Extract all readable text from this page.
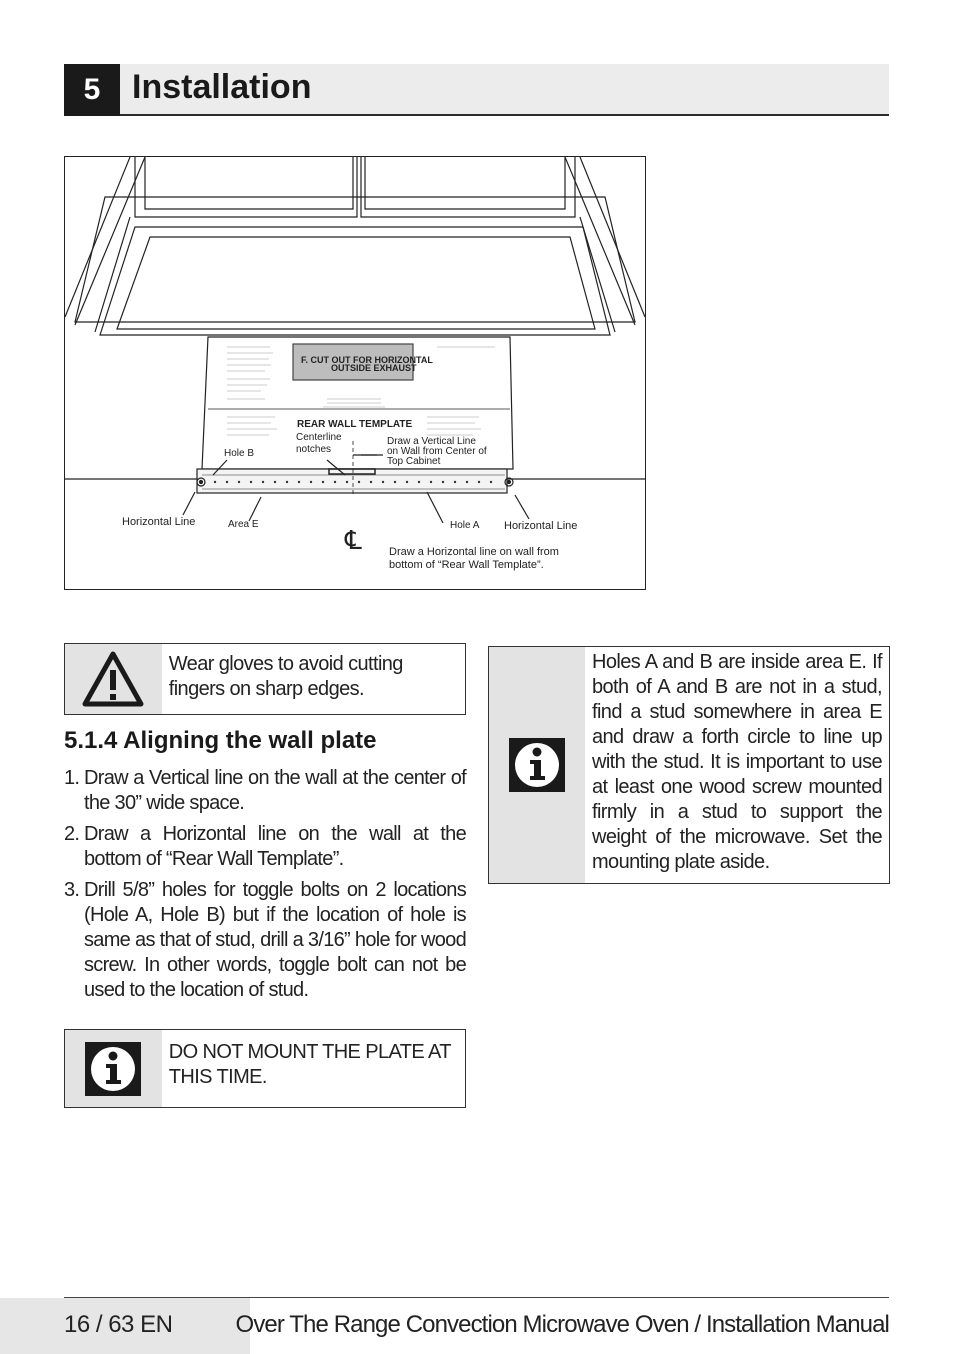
5 Installation
F. CUT OUT FOR HORIZONTAL
OUTSIDE EXHAUST
REAR WALL TEMPLATE
Hole B
Centerline notches
Draw a Vertical Line on Wall from Center of Top Cabinet
Horizontal Line	Area E	Hole A Horizontal Line
℄ Draw a Horizontal line on wall from bottom of “Rear Wall Template”.
Wear gloves to avoid cutting fingers on sharp edges.
5.1.4 Aligning the wall plate
1. Draw a Vertical line on the wall at the center of the 30” wide space.
2. Draw a Horizontal line on the wall at the bottom of “Rear Wall Template”.
3. Drill 5/8” holes for toggle bolts on 2 locations (Hole A, Hole B) but if the location of hole is same as that of stud, drill a 3/16” hole for wood screw. In other words, toggle bolt can not be used to the location of stud.
DO NOT MOUNT THE PLATE AT THIS TIME.
Holes A and B are inside area E. If both of A and B are not in a stud, find a stud somewhere in area E and draw a forth circle to line up with the stud. It is important to use at least one wood screw mounted firmly in a stud to support the weight of the microwave. Set the mounting plate aside.
16 / 63 EN	Over The Range Convection Microwave Oven / Installation Manual
